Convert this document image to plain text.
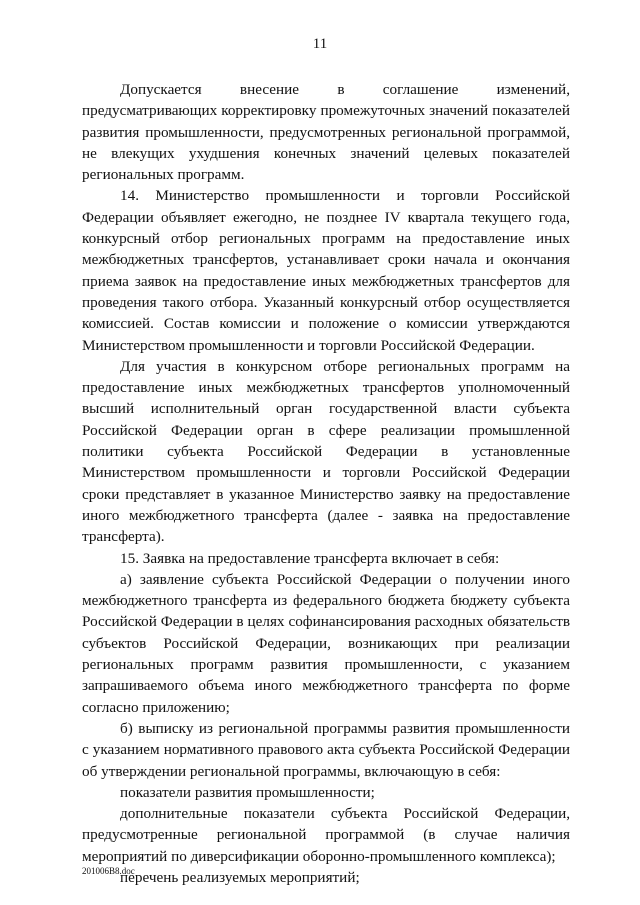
11

Допускается внесение в соглашение изменений, предусматривающих корректировку промежуточных значений показателей развития промышленности, предусмотренных региональной программой, не влекущих ухудшения конечных значений целевых показателей региональных программ.

14. Министерство промышленности и торговли Российской Федерации объявляет ежегодно, не позднее IV квартала текущего года, конкурсный отбор региональных программ на предоставление иных межбюджетных трансфертов, устанавливает сроки начала и окончания приема заявок на предоставление иных межбюджетных трансфертов для проведения такого отбора. Указанный конкурсный отбор осуществляется комиссией. Состав комиссии и положение о комиссии утверждаются Министерством промышленности и торговли Российской Федерации.

Для участия в конкурсном отборе региональных программ на предоставление иных межбюджетных трансфертов уполномоченный высший исполнительный орган государственной власти субъекта Российской Федерации орган в сфере реализации промышленной политики субъекта Российской Федерации в установленные Министерством промышленности и торговли Российской Федерации сроки представляет в указанное Министерство заявку на предоставление иного межбюджетного трансферта (далее - заявка на предоставление трансферта).

15. Заявка на предоставление трансферта включает в себя:

а) заявление субъекта Российской Федерации о получении иного межбюджетного трансферта из федерального бюджета бюджету субъекта Российской Федерации в целях софинансирования расходных обязательств субъектов Российской Федерации, возникающих при реализации региональных программ развития промышленности, с указанием запрашиваемого объема иного межбюджетного трансферта по форме согласно приложению;

б) выписку из региональной программы развития промышленности с указанием нормативного правового акта субъекта Российской Федерации об утверждении региональной программы, включающую в себя:

показатели развития промышленности;

дополнительные показатели субъекта Российской Федерации, предусмотренные региональной программой (в случае наличия мероприятий по диверсификации оборонно-промышленного комплекса);

перечень реализуемых мероприятий;

201006B8.doc
